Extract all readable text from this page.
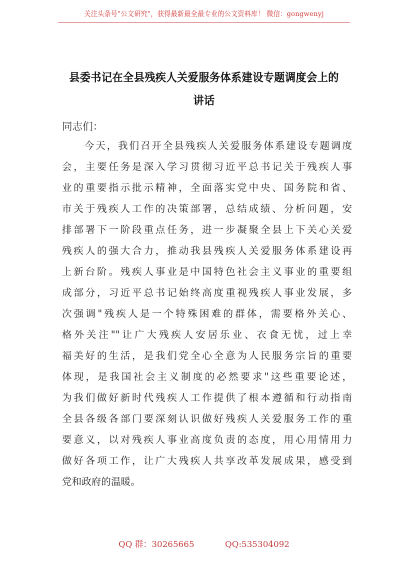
关注头条号"公文研究"，获得最新最全最专业的公文资料库！ 微信：gongwenyj
县委书记在全县残疾人关爱服务体系建设专题调度会上的
讲话
同志们：
　　今天，我们召开全县残疾人关爱服务体系建设专题调度
会，主要任务是深入学习贯彻习近平总书记关于残疾人事
业的重要指示批示精神，全面落实党中央、国务院和省、
市关于残疾人工作的决策部署，总结成绩、分析问题，安
排部署下一阶段重点任务，进一步凝聚全县上下关心关爱
残疾人的强大合力，推动我县残疾人关爱服务体系建设再
上新台阶。残疾人事业是中国特色社会主义事业的重要组
成部分，习近平总书记始终高度重视残疾人事业发展，多
次强调"残疾人是一个特殊困难的群体，需要格外关心、
格外关注""让广大残疾人安居乐业、衣食无忧，过上幸
福美好的生活，是我们党全心全意为人民服务宗旨的重要
体现，是我国社会主义制度的必然要求"这些重要论述，
为我们做好新时代残疾人工作提供了根本遵循和行动指南
全县各级各部门要深刻认识做好残疾人关爱服务工作的重
要意义，以对残疾人事业高度负责的态度，用心用情用力
做好各项工作，让广大残疾人共享改革发展成果，感受到
党和政府的温暖。
QQ 群：30265665	QQ:535304092
